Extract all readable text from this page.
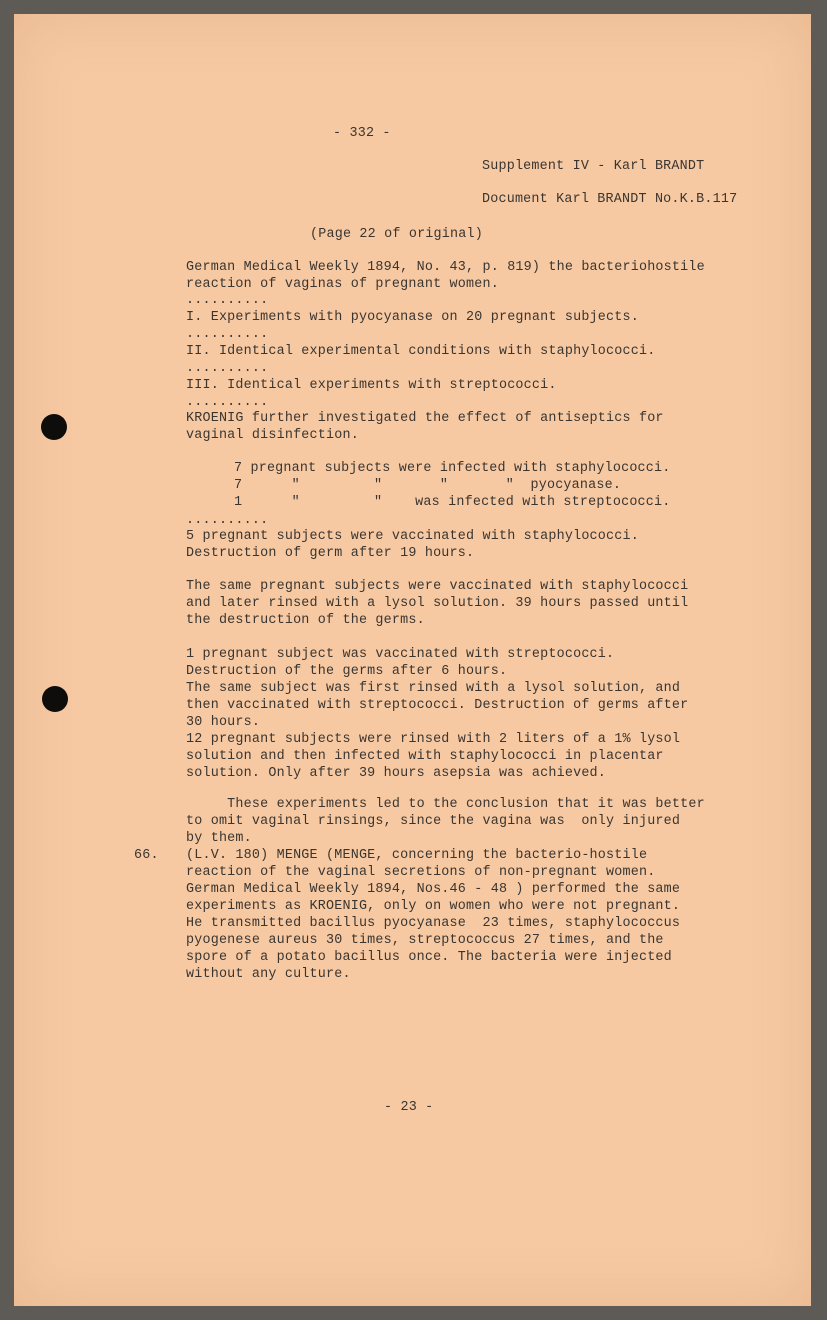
- 332 -
Supplement IV - Karl BRANDT
Document Karl BRANDT No.K.B.117
(Page 22 of original)
German Medical Weekly 1894, No. 43, p. 819) the bacteriohostile
reaction of vaginas of pregnant women.
..........
I. Experiments with pyocyanase on 20 pregnant subjects.
..........
II. Identical experimental conditions with staphylococci.
..........
III. Identical experiments with streptococci.
..........
KROENIG further investigated the effect of antiseptics for
vaginal disinfection.
7 pregnant subjects were infected with staphylococci.
7      "         "       "       "  pyocyanase.
1      "         "    was infected with streptococci.
..........
5 pregnant subjects were vaccinated with staphylococci.
Destruction of germ after 19 hours.
The same pregnant subjects were vaccinated with staphylococci
and later rinsed with a lysol solution. 39 hours passed until
the destruction of the germs.
1 pregnant subject was vaccinated with streptococci.
Destruction of the germs after 6 hours.
The same subject was first rinsed with a lysol solution, and
then vaccinated with streptococci. Destruction of germs after
30 hours.
12 pregnant subjects were rinsed with 2 liters of a 1% lysol
solution and then infected with staphylococci in placentar
solution. Only after 39 hours asepsia was achieved.
These experiments led to the conclusion that it was better
to omit vaginal rinsings, since the vagina was  only injured
by them.
66. (L.V. 180) MENGE (MENGE, concerning the bacterio-hostile
reaction of the vaginal secretions of non-pregnant women.
German Medical Weekly 1894, Nos.46 - 48 ) performed the same
experiments as KROENIG, only on women who were not pregnant.
He transmitted bacillus pyocyanase  23 times, staphylococcus
pyogenese aureus 30 times, streptococcus 27 times, and the
spore of a potato bacillus once. The bacteria were injected
without any culture.
- 23 -
